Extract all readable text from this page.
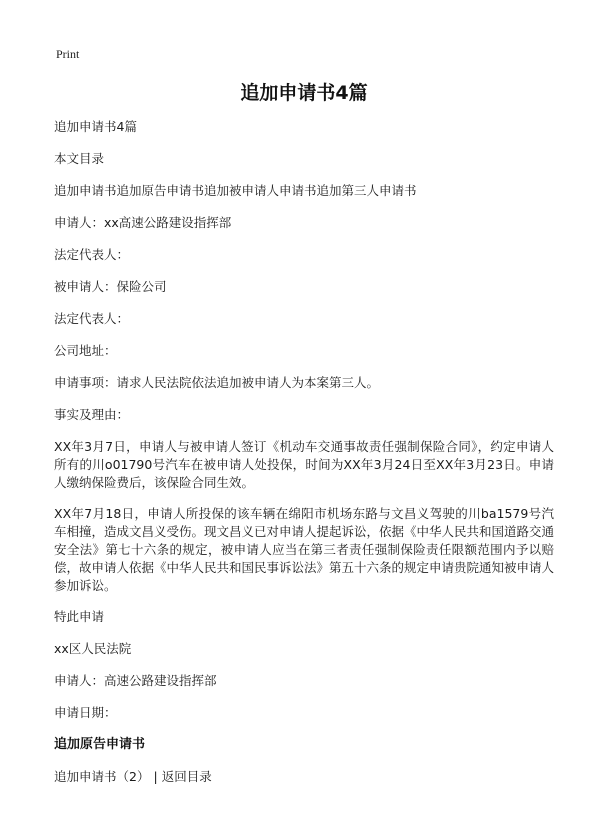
Print
追加申请书4篇
追加申请书4篇
本文目录
追加申请书追加原告申请书追加被申请人申请书追加第三人申请书
申请人：xx高速公路建设指挥部
法定代表人：
被申请人：保险公司
法定代表人：
公司地址：
申请事项：请求人民法院依法追加被申请人为本案第三人。
事实及理由：
XX年3月7日，申请人与被申请人签订《机动车交通事故责任强制保险合同》，约定申请人所有的川o01790号汽车在被申请人处投保，时间为XX年3月24日至XX年3月23日。申请人缴纳保险费后，该保险合同生效。
XX年7月18日，申请人所投保的该车辆在绵阳市机场东路与文昌义驾驶的川ba1579号汽车相撞，造成文昌义受伤。现文昌义已对申请人提起诉讼，依据《中华人民共和国道路交通安全法》第七十六条的规定，被申请人应当在第三者责任强制保险责任限额范围内予以赔偿，故申请人依据《中华人民共和国民事诉讼法》第五十六条的规定申请贵院通知被申请人参加诉讼。
特此申请
xx区人民法院
申请人：高速公路建设指挥部
申请日期：
追加原告申请书
追加申请书（2） | 返回目录
